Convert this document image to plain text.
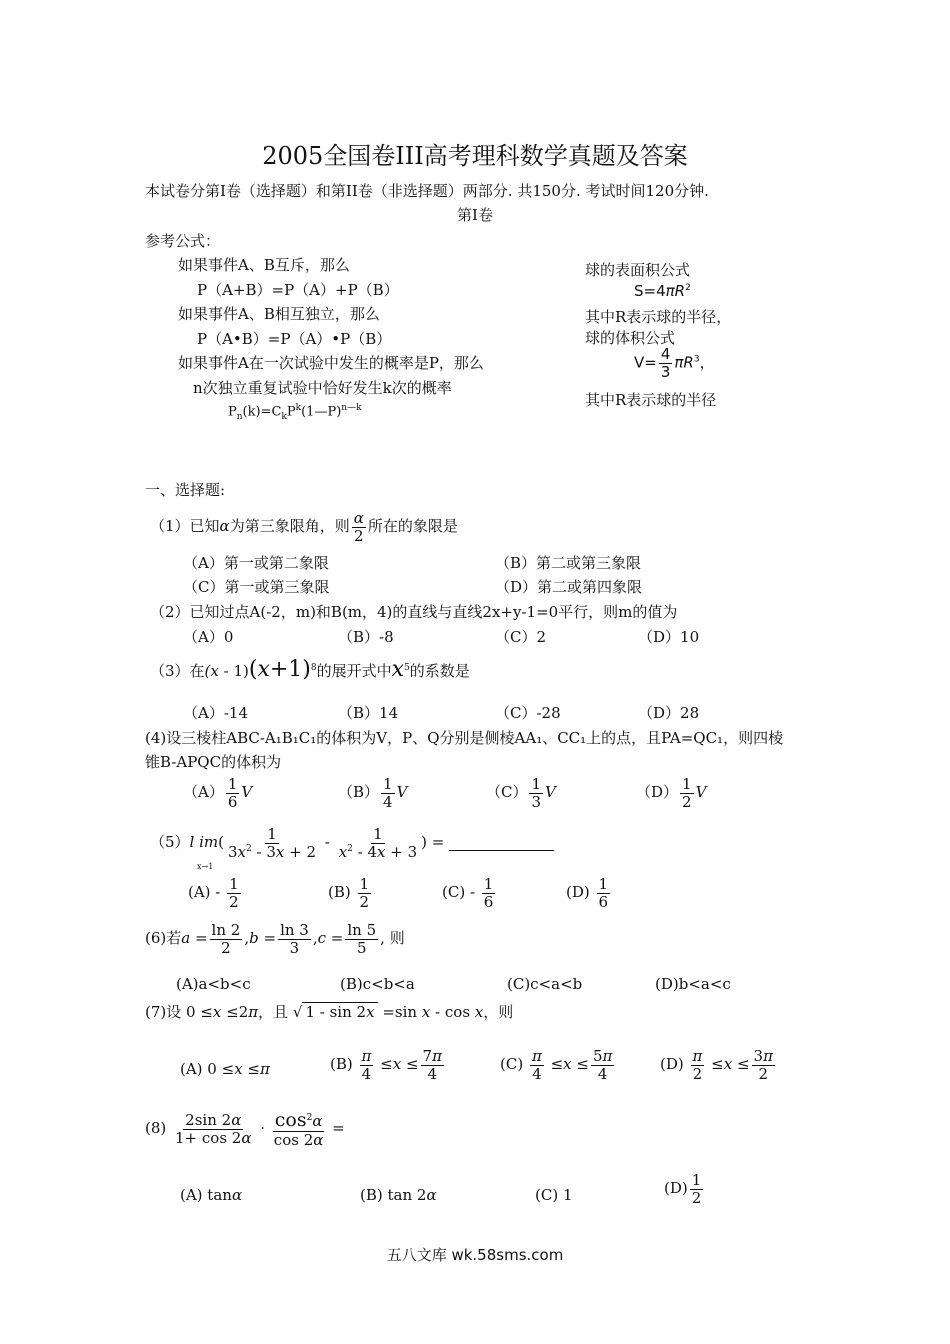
2005全国卷III高考理科数学真题及答案
本试卷分第I卷（选择题）和第II卷（非选择题）两部分. 共150分. 考试时间120分钟.
第I卷
参考公式：
如果事件A、B互斥，那么
P（A+B）=P（A）+P（B）
如果事件A、B相互独立，那么
P（A•B）=P（A）•P（B）
如果事件A在一次试验中发生的概率是P，那么
n次独立重复试验中恰好发生k次的概率
$P_n(k)=C_kP^k(1—P)^{n—k}$
球的表面积公式
$S=4\pi R^2$
其中R表示球的半径，
球的体积公式
$V= \frac{4}{3} \pi R^3$，
其中R表示球的半径
一、选择题:
（1）已知α为第三象限角，则 $\frac{\alpha}{2}$ 所在的象限是
（A）第一或第二象限	（B）第二或第三象限
（C）第一或第三象限	（D）第二或第四象限
（2）已知过点A(-2，m)和B(m，4)的直线与直线2x+y-1=0平行，则m的值为
（A）0	（B）-8	（C）2	（D）10
（3）在$(x - 1)(x+1)^8$的展开式中$x^5$的系数是
（A）-14	（B）14	（C）-28	（D）28
(4)设三棱柱ABC-A₁B₁C₁的体积为V，P、Q分别是侧棱AA₁、CC₁上的点，且PA=QC₁，则四棱
锥B-APQC的体积为
$(A) \frac{1}{6}$ V	$(B) \frac{1}{4}$ V	$(C) \frac{1}{3}$ V	$(D) \frac{1}{2}$ V
（5）l $im( \frac{1}{3x^2 - 3x + 2} - \frac{1}{x^2 - 4x + 3}$ ) =
x→1
$(A) - \frac{1}{2}$	$(B) \frac{1}{2}$	$(C) - \frac{1}{6}$	$(D) \frac{1}{6}$
(6)若$a = \frac{\ln 2}{2} ,b = \frac{\ln 3}{3} ,c = \frac{\ln 5}{5}$ , 则
(A)a<b<c	(B)c<b<a	(C)c<a<b	(D)b<a<c
(7)设 0 ≤x ≤2π，且 √ 1 - sin 2x =sin x - cos x，则
(A) 0 ≤x ≤π	$(B) \frac{\pi}{4} \le x \le \frac{7\pi}{4}$	$(C) \frac{\pi}{4} \le x \le \frac{5\pi}{4}$	$(D) \frac{\pi}{2} \le x \le \frac{3\pi}{2}$
$(8) \frac{2\sin 2\alpha}{1+ \cos 2\alpha} \cdot \frac{\cos^2\alpha}{\cos 2\alpha}$ =
(A) tanα	(B) tan 2α	(C) 1	$(D) \frac{1}{2}$
五八文库 wk.58sms.com
